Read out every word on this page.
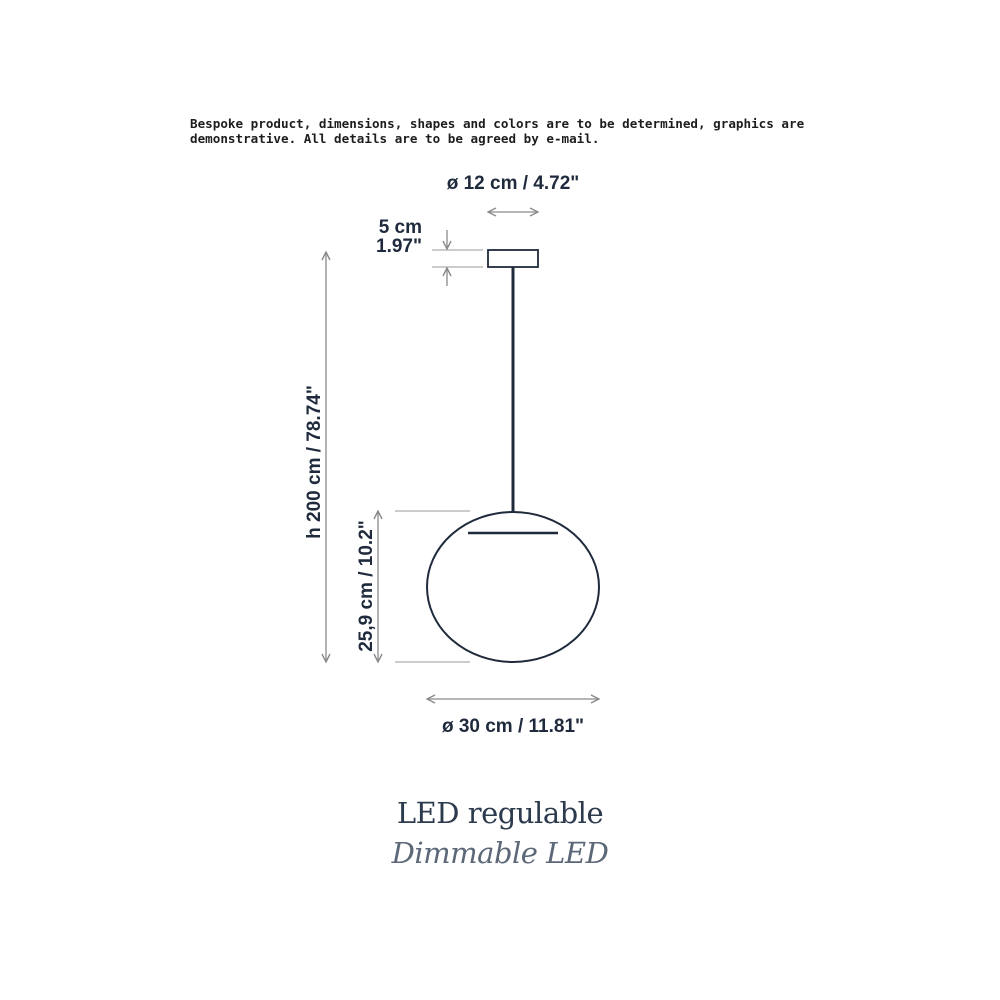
Bespoke product, dimensions, shapes and colors are to be determined, graphics are
demonstrative. All details are to be agreed by e-mail.
ø 12 cm / 4.72"
5 cm
1.97"
h 200 cm / 78.74"
25,9 cm / 10.2"
ø 30 cm / 11.81"
LED regulable
Dimmable LED
